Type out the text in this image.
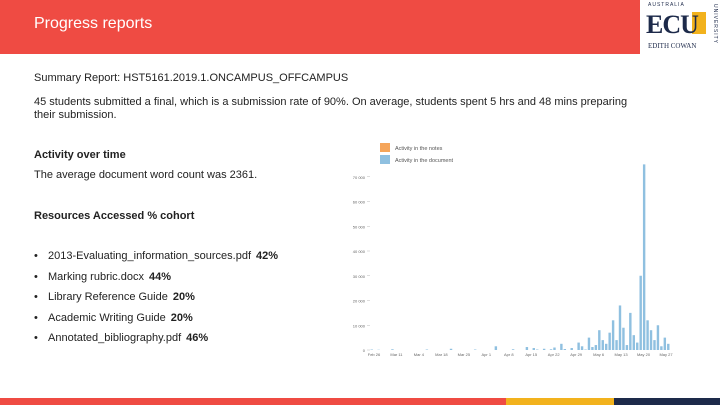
Progress reports
AUSTRALIA
ECU	UNIVERSITY
EDITH COWAN
Summary Report: HST5161.2019.1.ONCAMPUS_OFFCAMPUS
45 students submitted a final, which is a submission rate of 90%. On average, students spent 5 hrs and 48 mins preparing their submission.
Activity over time
The average document word count was 2361.
Resources Accessed % cohort
• 2013-Evaluating_information_sources.pdf 42%
• Marking rubric.docx 44%
• Library Reference Guide 20%
• Academic Writing Guide 20%
• Annotated_bibliography.pdf 46%
0
10 000
20 000
30 000
40 000
50 000
60 000
70 000
Feb 26	Mar 11	Mar 4	Mar 18	Mar 25	Apr 1	Apr 8	Apr 15	Apr 22	Apr 29	May 6	May 13 May 20 May 27
Activity in the notes
Activity in the document
